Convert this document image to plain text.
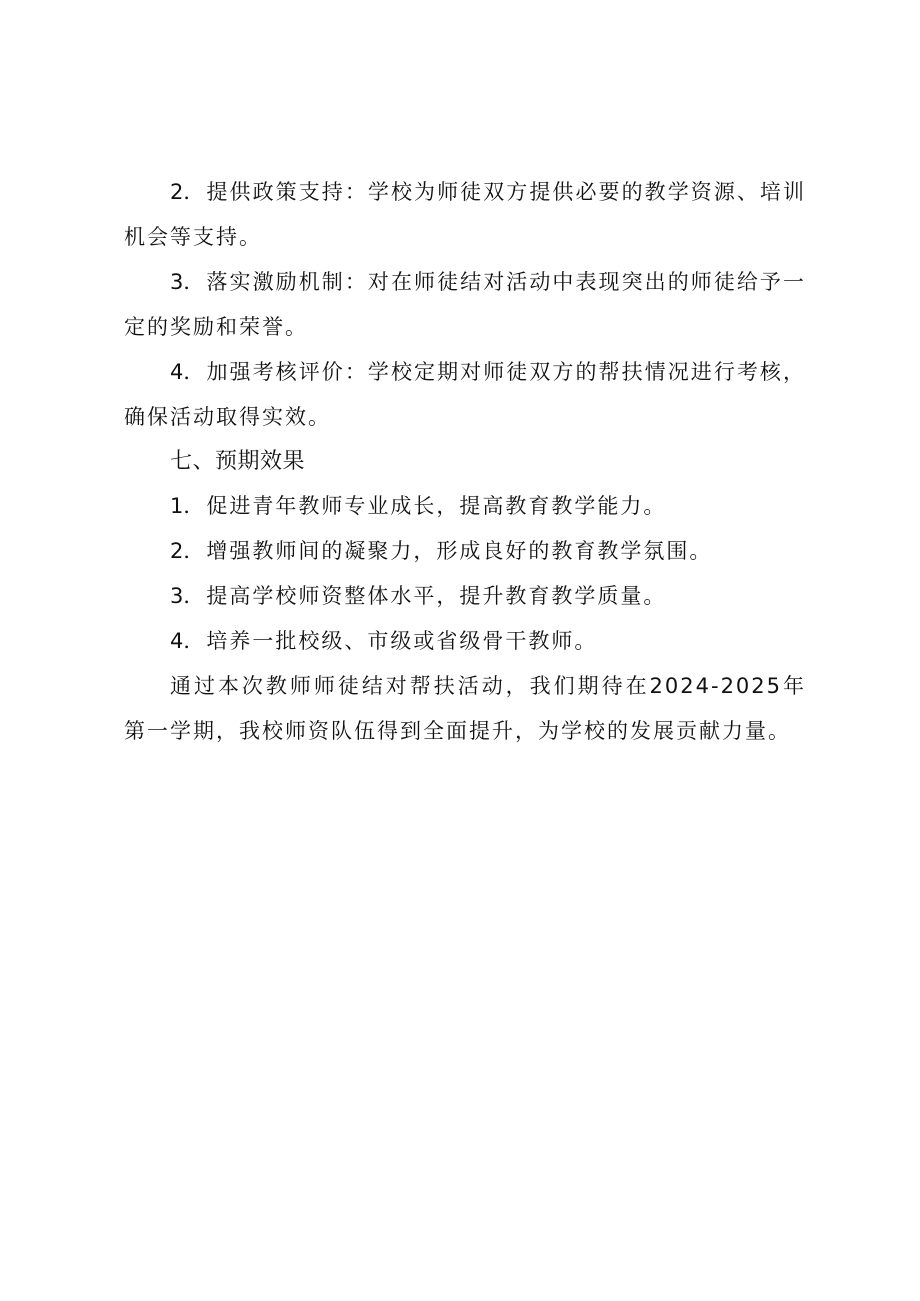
2．提供政策支持：学校为师徒双方提供必要的教学资源、培训机会等支持。

3．落实激励机制：对在师徒结对活动中表现突出的师徒给予一定的奖励和荣誉。

4．加强考核评价：学校定期对师徒双方的帮扶情况进行考核，确保活动取得实效。

七、预期效果

1．促进青年教师专业成长，提高教育教学能力。

2．增强教师间的凝聚力，形成良好的教育教学氛围。

3．提高学校师资整体水平，提升教育教学质量。

4．培养一批校级、市级或省级骨干教师。

通过本次教师师徒结对帮扶活动，我们期待在2024-2025年第一学期，我校师资队伍得到全面提升，为学校的发展贡献力量。
